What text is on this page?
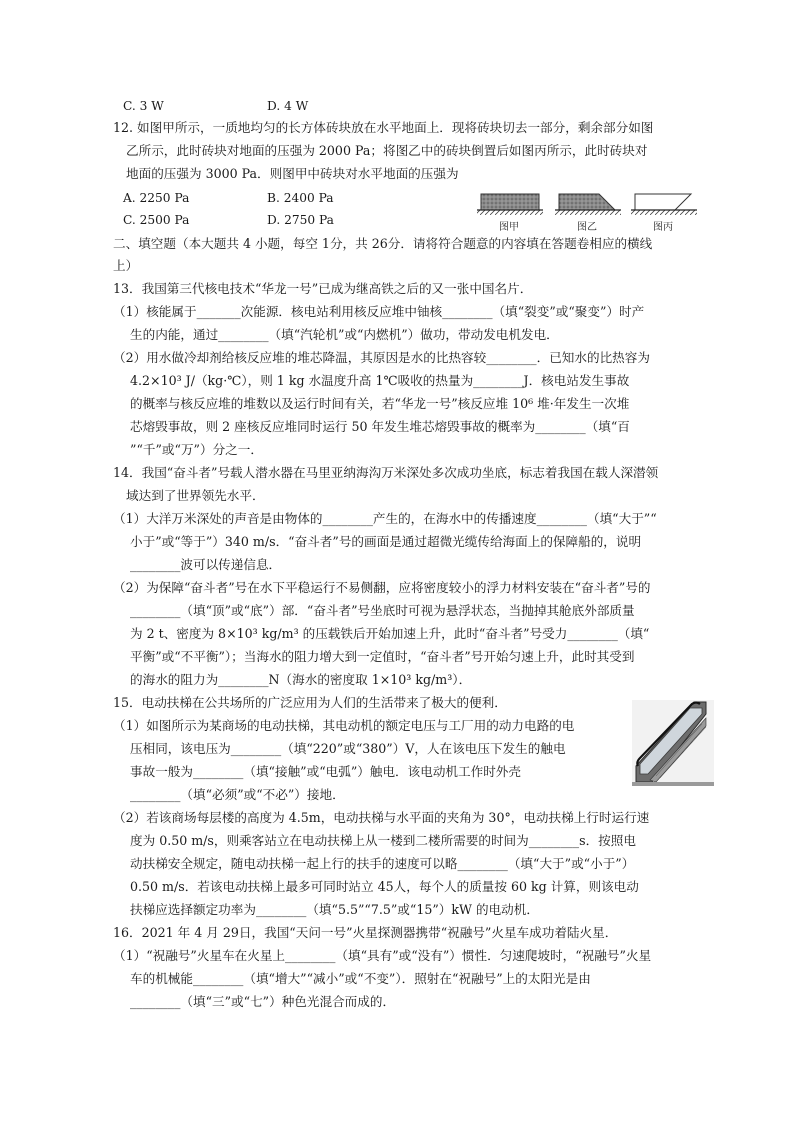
C. 3 W	D. 4 W
12. 如图甲所示，一质地均匀的长方体砖块放在水平地面上．现将砖块切去一部分，剩余部分如图
乙所示，此时砖块对地面的压强为 2000 Pa；将图乙中的砖块倒置后如图丙所示，此时砖块对
地面的压强为 3000 Pa．则图甲中砖块对水平地面的压强为
A. 2250 Pa	B. 2400 Pa
C. 2500 Pa	D. 2750 Pa
图甲	图乙	图丙
二、填空题（本大题共 4 小题，每空 1分，共 26分．请将符合题意的内容填在答题卷相应的横线
上）
13．我国第三代核电技术“华龙一号”已成为继高铁之后的又一张中国名片．
（1）核能属于_______次能源．核电站利用核反应堆中铀核________（填“裂变”或“聚变”）时产
生的内能，通过________（填“汽轮机”或“内燃机”）做功，带动发电机发电．
（2）用水做冷却剂给核反应堆的堆芯降温，其原因是水的比热容较________．已知水的比热容为
4.2×10³ J/（kg·℃），则 1 kg 水温度升高 1℃吸收的热量为________J．核电站发生事故
的概率与核反应堆的堆数以及运行时间有关，若“华龙一号”核反应堆 10⁶ 堆·年发生一次堆
芯熔毁事故，则 2 座核反应堆同时运行 50 年发生堆芯熔毁事故的概率为________（填“百
”“千”或“万”）分之一．
14．我国“奋斗者”号载人潜水器在马里亚纳海沟万米深处多次成功坐底，标志着我国在载人深潜领
域达到了世界领先水平．
（1）大洋万米深处的声音是由物体的________产生的，在海水中的传播速度________（填“大于”“
小于”或“等于”）340 m/s．“奋斗者”号的画面是通过超微光缆传给海面上的保障船的，说明
________波可以传递信息．
（2）为保障“奋斗者”号在水下平稳运行不易侧翻，应将密度较小的浮力材料安装在“奋斗者”号的
________（填“顶”或“底”）部．“奋斗者”号坐底时可视为悬浮状态，当抛掉其舱底外部质量
为 2 t、密度为 8×10³ kg/m³ 的压载铁后开始加速上升，此时“奋斗者”号受力________（填“
平衡”或“不平衡”）；当海水的阻力增大到一定值时，“奋斗者”号开始匀速上升，此时其受到
的海水的阻力为________N（海水的密度取 1×10³ kg/m³）．
15．电动扶梯在公共场所的广泛应用为人们的生活带来了极大的便利．
（1）如图所示为某商场的电动扶梯，其电动机的额定电压与工厂用的动力电路的电
压相同，该电压为________（填“220”或“380”）V，人在该电压下发生的触电
事故一般为________（填“接触”或“电弧”）触电．该电动机工作时外壳
________（填“必须”或“不必”）接地．
（2）若该商场每层楼的高度为 4.5m，电动扶梯与水平面的夹角为 30°，电动扶梯上行时运行速
度为 0.50 m/s，则乘客站立在电动扶梯上从一楼到二楼所需要的时间为________s．按照电
动扶梯安全规定，随电动扶梯一起上行的扶手的速度可以略________（填“大于”或“小于”）
0.50 m/s．若该电动扶梯上最多可同时站立 45人，每个人的质量按 60 kg 计算，则该电动
扶梯应选择额定功率为________（填“5.5”“7.5”或“15”）kW 的电动机．
16．2021 年 4 月 29日，我国“天问一号”火星探测器携带“祝融号”火星车成功着陆火星．
（1）“祝融号”火星车在火星上________（填“具有”或“没有”）惯性．匀速爬坡时，“祝融号”火星
车的机械能________（填“增大”“减小”或“不变”）．照射在“祝融号”上的太阳光是由
________（填“三”或“七”）种色光混合而成的．
